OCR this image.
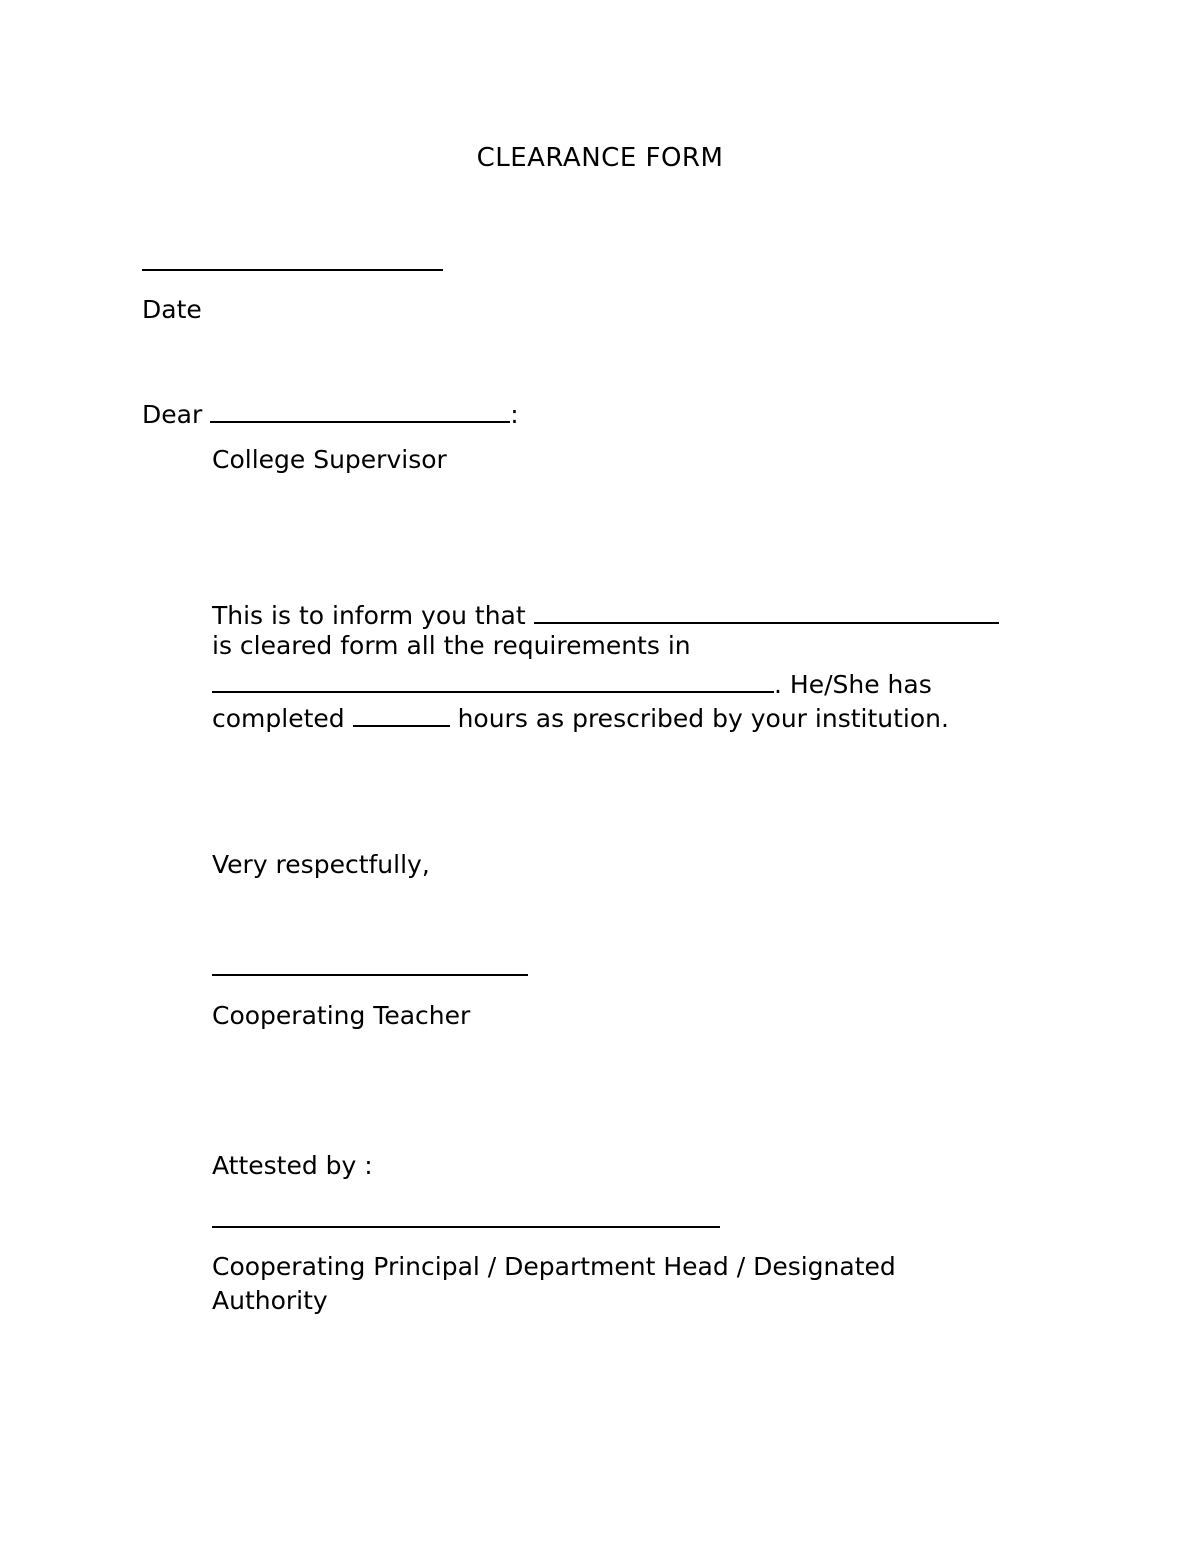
CLEARANCE FORM
Date
Dear	:
College Supervisor
This is to inform you that
is cleared form all the requirements in
. He/She has
completed	hours as prescribed by your institution.
Very respectfully,
Cooperating Teacher
Attested by :
Cooperating Principal / Department Head / Designated
Authority
